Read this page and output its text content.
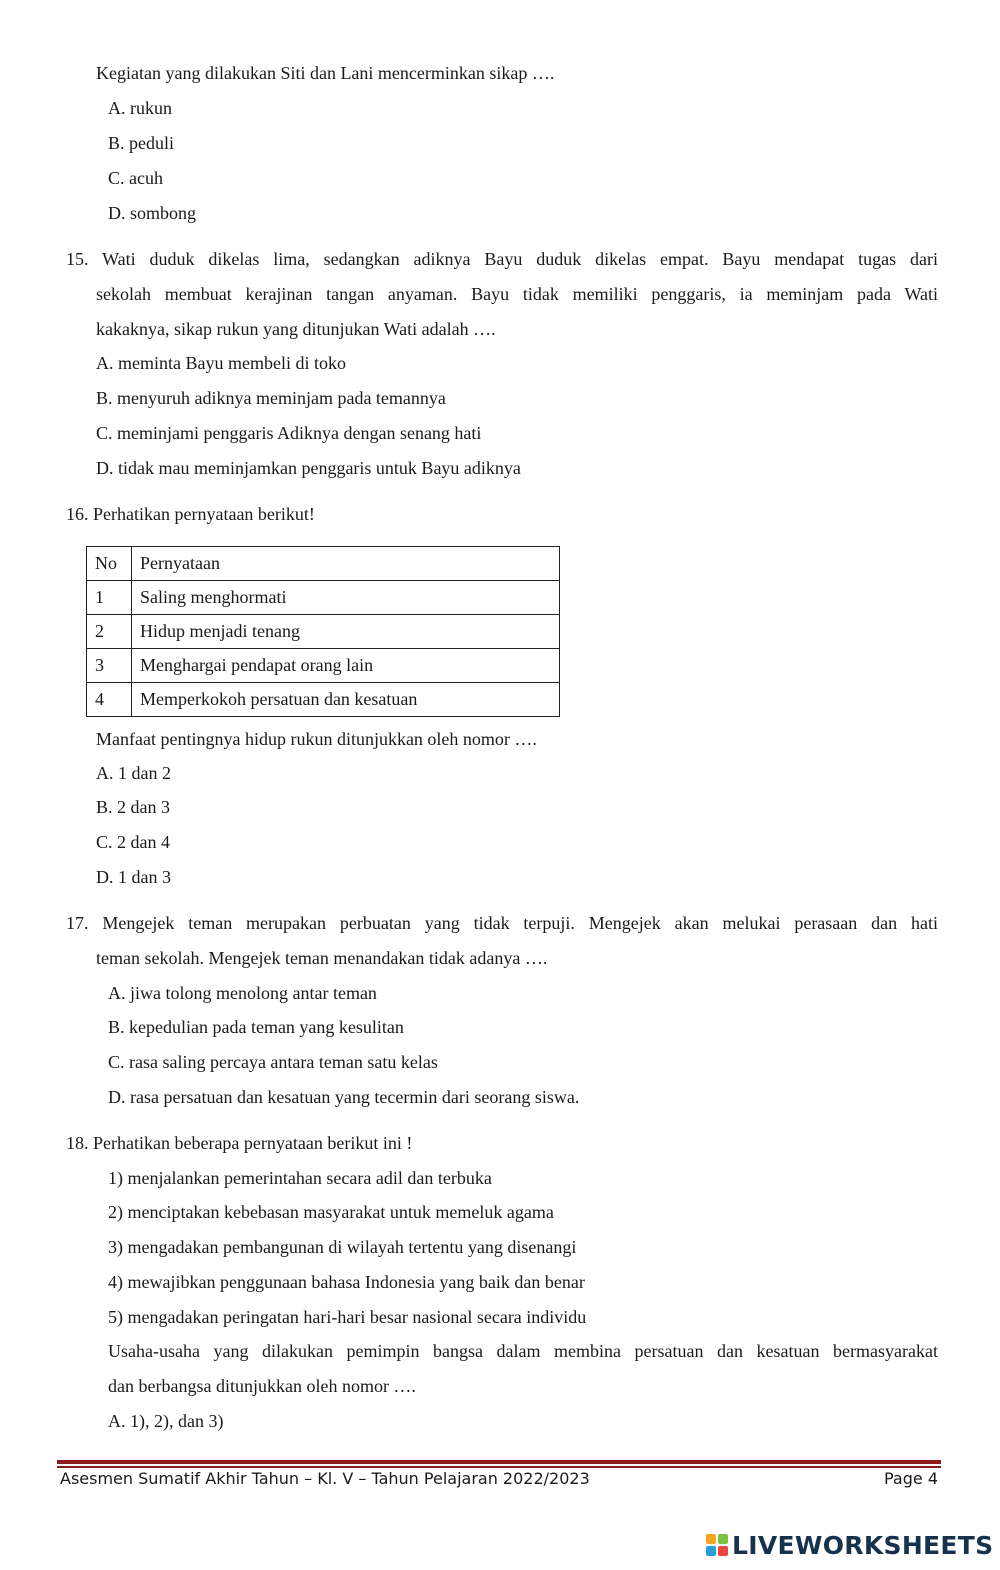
Kegiatan yang dilakukan Siti dan Lani mencerminkan sikap ….
A. rukun
B. peduli
C. acuh
D. sombong
15. Wati duduk dikelas lima, sedangkan adiknya Bayu duduk dikelas empat. Bayu mendapat tugas dari
sekolah membuat kerajinan tangan anyaman. Bayu tidak memiliki penggaris, ia meminjam pada Wati
kakaknya, sikap rukun yang ditunjukan Wati adalah ….
A. meminta Bayu membeli di toko
B. menyuruh adiknya meminjam pada temannya
C. meminjami penggaris Adiknya dengan senang hati
D. tidak mau meminjamkan penggaris untuk Bayu adiknya
16. Perhatikan pernyataan berikut!
No	Pernyataan
1	Saling menghormati
2	Hidup menjadi tenang
3	Menghargai pendapat orang lain
4	Memperkokoh persatuan dan kesatuan
Manfaat pentingnya hidup rukun ditunjukkan oleh nomor ….
A. 1 dan 2
B. 2 dan 3
C. 2 dan 4
D. 1 dan 3
17. Mengejek teman merupakan perbuatan yang tidak terpuji. Mengejek akan melukai perasaan dan hati
teman sekolah. Mengejek teman menandakan tidak adanya ….
A. jiwa tolong menolong antar teman
B. kepedulian pada teman yang kesulitan
C. rasa saling percaya antara teman satu kelas
D. rasa persatuan dan kesatuan yang tecermin dari seorang siswa.
18. Perhatikan beberapa pernyataan berikut ini !
1) menjalankan pemerintahan secara adil dan terbuka
2) menciptakan kebebasan masyarakat untuk memeluk agama
3) mengadakan pembangunan di wilayah tertentu yang disenangi
4) mewajibkan penggunaan bahasa Indonesia yang baik dan benar
5) mengadakan peringatan hari-hari besar nasional secara individu
Usaha-usaha yang dilakukan pemimpin bangsa dalam membina persatuan dan kesatuan bermasyarakat
dan berbangsa ditunjukkan oleh nomor ….
A. 1), 2), dan 3)
Asesmen Sumatif Akhir Tahun – Kl. V – Tahun Pelajaran 2022/2023	Page 4
LIVEWORKSHEETS
